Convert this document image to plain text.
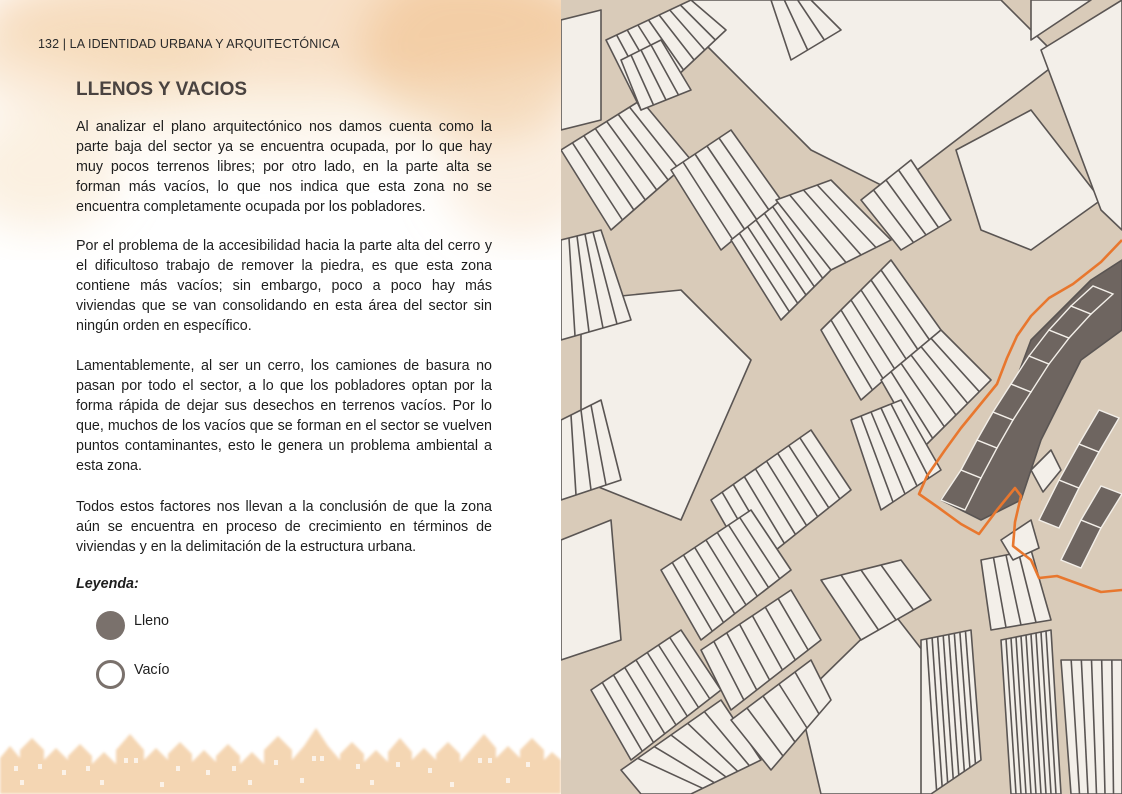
132 | LA IDENTIDAD URBANA Y ARQUITECTÓNICA
LLENOS Y VACIOS

Al analizar el plano arquitectónico nos damos cuenta como la parte baja del sector ya se encuentra ocupada, por lo que hay muy pocos terrenos libres; por otro lado, en la parte alta se forman más vacíos, lo que nos indica que esta zona no se encuentra completamente ocupada por los pobladores.

Por el problema de la accesibilidad hacia la parte alta del cerro y el dificultoso trabajo de remover la piedra, es que esta zona contiene más vacíos; sin embargo, poco a poco hay más viviendas que se van consolidando en esta área del sector sin ningún orden en específico.

Lamentablemente, al ser un cerro, los camiones de basura no pasan por todo el sector, a lo que los pobladores optan por la forma rápida de dejar sus desechos en terrenos vacíos. Por lo que, muchos de los vacíos que se forman en el sector se vuelven puntos contaminantes, esto le genera un problema ambiental a esta zona.

Todos estos factores nos llevan a la conclusión de que la zona aún se encuentra en proceso de crecimiento en términos de viviendas y en la delimitación de la estructura urbana.

Leyenda:
Lleno
Vacío
